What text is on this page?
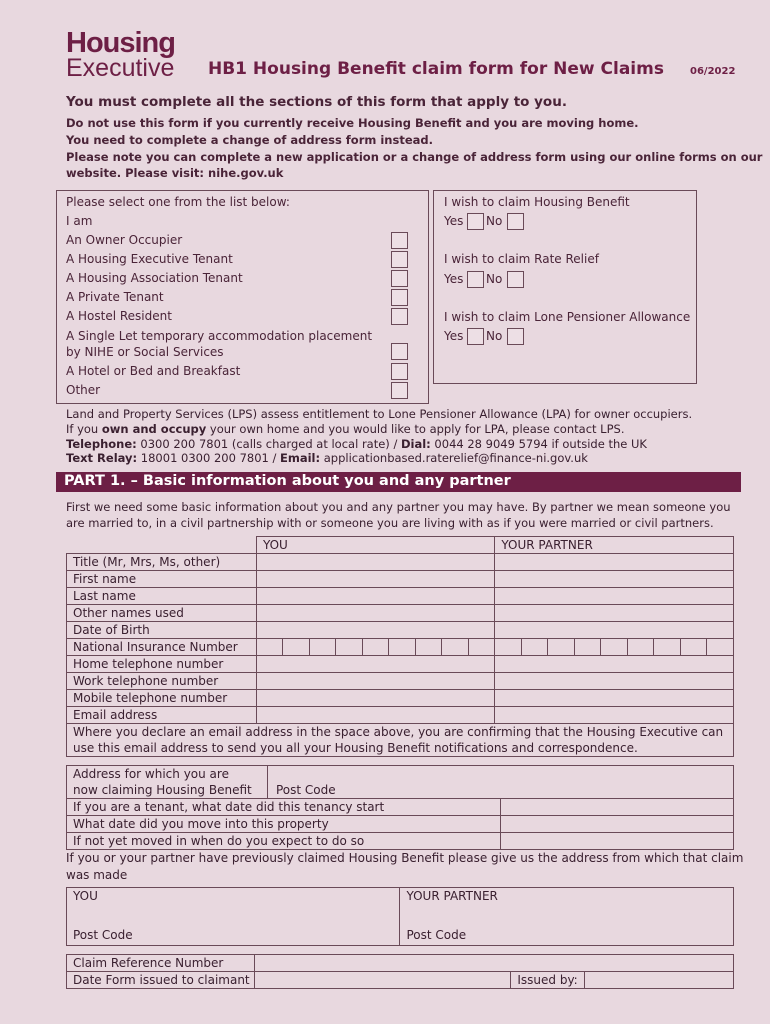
Housing
Executive HB1 Housing Benefit claim form for New Claims	06/2022
You must complete all the sections of this form that apply to you.
Do not use this form if you currently receive Housing Benefit and you are moving home.
You need to complete a change of address form instead.
Please note you can complete a new application or a change of address form using our online forms on our
website. Please visit: nihe.gov.uk
Please select one from the list below:
I am
An Owner Occupier
A Housing Executive Tenant
A Housing Association Tenant
A Private Tenant
A Hostel Resident
A Single Let temporary accommodation placement
by NIHE or Social Services
A Hotel or Bed and Breakfast
Other
I wish to claim Housing Benefit
Yes No
I wish to claim Rate Relief
Yes No
I wish to claim Lone Pensioner Allowance
Yes No
Land and Property Services (LPS) assess entitlement to Lone Pensioner Allowance (LPA) for owner occupiers.
If you own and occupy your own home and you would like to apply for LPA, please contact LPS.
Telephone: 0300 200 7801 (calls charged at local rate) / Dial: 0044 28 9049 5794 if outside the UK
Text Relay: 18001 0300 200 7801 / Email: applicationbased.raterelief@finance-ni.gov.uk
PART 1. – Basic information about you and any partner
First we need some basic information about you and any partner you may have. By partner we mean someone you
are married to, in a civil partnership with or someone you are living with as if you were married or civil partners.
	YOU	YOUR PARTNER
Title (Mr, Mrs, Ms, other)		
First name		
Last name		
Other names used		
Date of Birth		
National Insurance Number	

Home telephone number		
Work telephone number		
Mobile telephone number		
Email address		

Where you declare an email address in the space above, you are confirming that the Housing Executive can
use this email address to send you all your Housing Benefit notifications and correspondence.		
Address for which you are
now claiming Housing Benefit	Post Code	

If you are a tenant, what date did this tenancy start		
What date did you move into this property		
If not yet moved in when do you expect to do so		
If you or your partner have previously claimed Housing Benefit please give us the address from which that claim
was made
YOU
Post Code

YOUR PARTNER
Post Code
Claim Reference Number			
Date Form issued to claimant		Issued by:	
